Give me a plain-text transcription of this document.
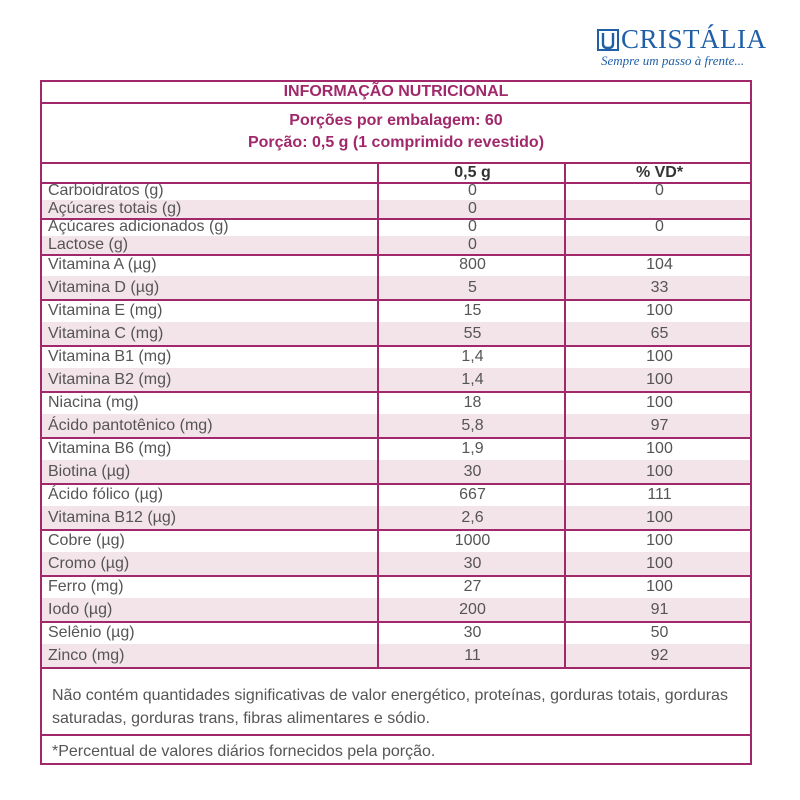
CRISTÁLIA
Sempre um passo à frente...
INFORMAÇÃO NUTRICIONAL
Porções por embalagem: 60
Porção: 0,5 g (1 comprimido revestido)
0,5 g	% VD*
Carboidratos (g)	0	0
Açúcares totais (g)	0
Açúcares adicionados (g)	0	0
Lactose (g)	0
Vitamina A (µg)	800	104
Vitamina D (µg)	5	33
Vitamina E (mg)	15	100
Vitamina C (mg)	55	65
Vitamina B1 (mg)	1,4	100
Vitamina B2 (mg)	1,4	100
Niacina (mg)	18	100
Ácido pantotênico (mg)	5,8	97
Vitamina B6 (mg)	1,9	100
Biotina (µg)	30	100
Ácido fólico (µg)	667	111
Vitamina B12 (µg)	2,6	100
Cobre (µg)	1000	100
Cromo (µg)	30	100
Ferro (mg)	27	100
Iodo (µg)	200	91
Selênio (µg)	30	50
Zinco (mg)	11	92
Não contém quantidades significativas de valor energético, proteínas, gorduras totais, gorduras saturadas, gorduras trans, fibras alimentares e sódio.
*Percentual de valores diários fornecidos pela porção.
